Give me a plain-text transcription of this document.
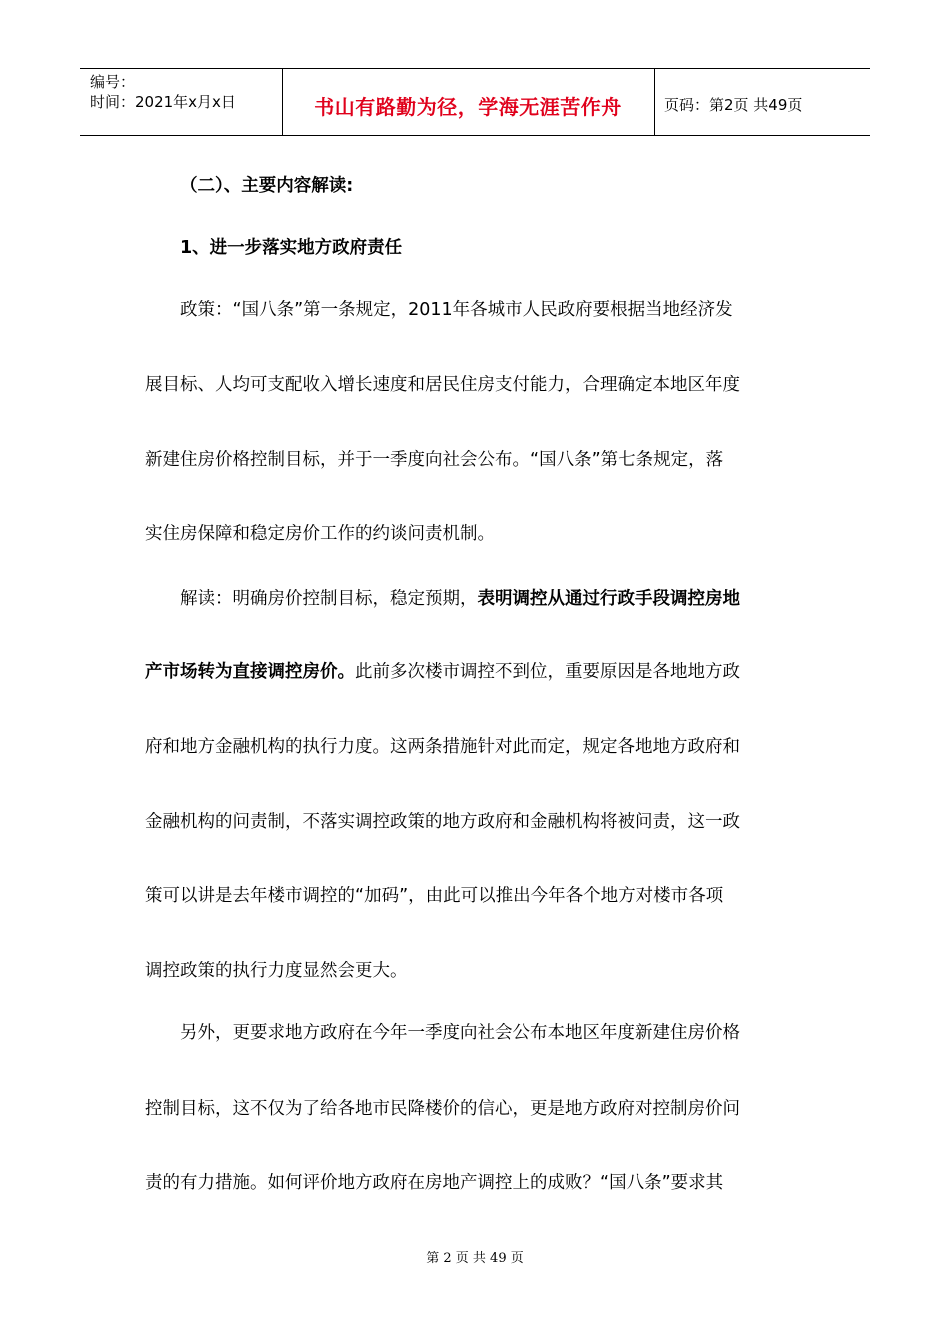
编号：
时间：2021年x月x日	书山有路勤为径，学海无涯苦作舟	页码：第2页 共49页
（二）、主要内容解读:
1、进一步落实地方政府责任
政策：“国八条”第一条规定，2011年各城市人民政府要根据当地经济发
展目标、人均可支配收入增长速度和居民住房支付能力，合理确定本地区年度
新建住房价格控制目标，并于一季度向社会公布。“国八条”第七条规定，落
实住房保障和稳定房价工作的约谈问责机制。
解读：明确房价控制目标，稳定预期，表明调控从通过行政手段调控房地
产市场转为直接调控房价。此前多次楼市调控不到位，重要原因是各地地方政
府和地方金融机构的执行力度。这两条措施针对此而定，规定各地地方政府和
金融机构的问责制，不落实调控政策的地方政府和金融机构将被问责，这一政
策可以讲是去年楼市调控的“加码”，由此可以推出今年各个地方对楼市各项
调控政策的执行力度显然会更大。
另外，更要求地方政府在今年一季度向社会公布本地区年度新建住房价格
控制目标，这不仅为了给各地市民降楼价的信心，更是地方政府对控制房价问
责的有力措施。如何评价地方政府在房地产调控上的成败？“国八条”要求其
第 2 页 共 49 页
